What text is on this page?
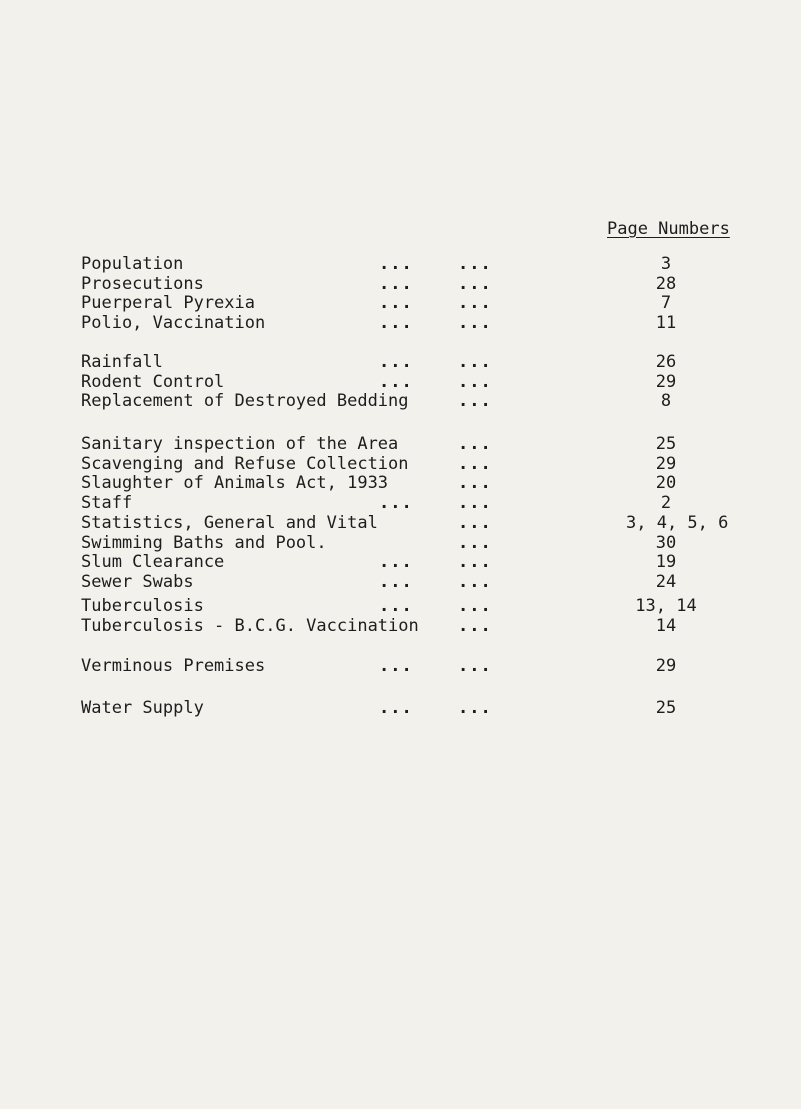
Page Numbers
Population	...	...	3
Prosecutions	...	...	28
Puerperal Pyrexia	...	...	7
Polio, Vaccination	...	...	11
Rainfall	...	...	26
Rodent Control	...	...	29
Replacement of Destroyed Bedding	...	8
Sanitary inspection of the Area	...	25
Scavenging and Refuse Collection	...	29
Slaughter of Animals Act, 1933	...	20
Staff	...	...	2
Statistics, General and Vital	...	3, 4, 5, 6
Swimming Baths and Pool.	...	30
Slum Clearance	...	...	19
Sewer Swabs	...	...	24
Tuberculosis	...	...	13, 14
Tuberculosis - B.C.G. Vaccination ...	14
Verminous Premises	...	...	29
Water Supply	...	...	25
